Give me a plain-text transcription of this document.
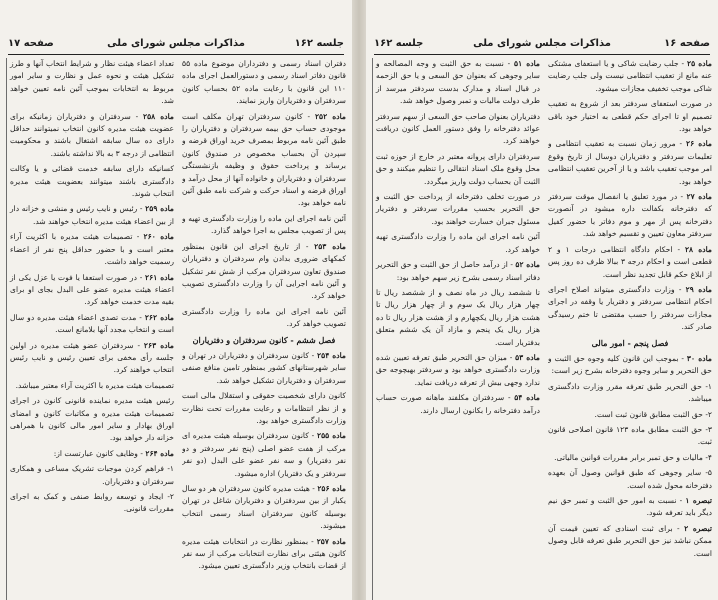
صفحه ۱۷	مذاکرات مجلس شورای ملی	جلسه ۱۶۲

دفتران اسناد رسمی و دفترداران موضوع ماده ۵۵ قانون دفاتر اسناد رسمی و دستورالعمل اجرای ماده ۱۱۰ این قانون با رعایت ماده ۵۲ بحساب کانون سردفتران و دفتریاران واریز نمایند.

ماده ۲۵۲ - کانون سردفتران تهران مکلف است موجودی حساب حق بیمه سردفتران و دفتریاران را طبق آئین نامه مربوط بمصرف خرید اوراق قرضه و سپردن آن بحساب مخصوص در صندوق کانون برساند و پرداخت حقوق و وظیفه بازنشستگی سردفتران و دفتریاران و خانواده آنها از محل درآمد و اوراق قرضه و اسناد حرکت و شرکت نامه طبق آئین نامه خواهد بود.

آئین نامه اجرای این ماده را وزارت دادگستری تهیه و پس از تصویب مجلس به اجرا خواهد گذارد.

ماده ۲۵۳ - از تاریخ اجرای این قانون بمنظور کمکهای ضروری بدادن وام سردفتران و دفتریاران صندوق تعاون سردفتران مرکب از شش نفر تشکیل و آئین نامه اجرایی آن را وزارت دادگستری تصویب خواهد کرد.

آئین نامه اجرای این ماده را وزارت دادگستری تصویب خواهد کرد.

فصل ششم - کانون سردفتران و دفتریاران

ماده ۲۵۴ - کانون سردفتران و دفتریاران در تهران و سایر شهرستانهای کشور بمنظور تامین منافع صنفی سردفتران و دفتریاران تشکیل خواهد شد.

کانون دارای شخصیت حقوقی و استقلال مالی است و از نظر انتظامات و رعایت مقررات تحت نظارت وزارت دادگستری خواهد بود.

ماده ۲۵۵ - کانون سردفتران بوسیله هیئت مدیره ای مرکب از هفت عضو اصلی (پنج نفر سردفتر و دو نفر دفتریار) و سه نفر عضو علی البدل (دو نفر سردفتر و یک دفتریار) اداره میشود.

ماده ۲۵۶ - هیئت مدیره کانون سردفتران هر دو سال یکبار از بین سردفتران و دفتریاران شاغل در تهران بوسیله کانون سردفتران اسناد رسمی انتخاب میشوند.

ماده ۲۵۷ - بمنظور نظارت در انتخابات هیئت مدیره کانون هیئتی برای نظارت انتخابات مرکب از سه نفر از قضات بانتخاب وزیر دادگستری تعیین میشود.

تعداد اعضاء هیئت نظار و شرایط انتخاب آنها و طرز تشکیل هیئت و نحوه عمل و نظارت و سایر امور مربوط به انتخابات بموجب آئین نامه تعیین خواهد شد.

ماده ۲۵۸ - سردفتران و دفتریاران زمانیکه برای عضویت هیئت مدیره کانون انتخاب نمیتوانند حداقل دارای ده سال سابقه اشتغال باشند و محکومیت انتظامی از درجه ۳ به بالا نداشته باشند.

کسانیکه دارای سابقه خدمت قضائی و یا وکالت دادگستری باشند میتوانند بعضویت هیئت مدیره انتخاب شوند.

ماده ۲۵۹ - رئیس و نایب رئیس و منشی و خزانه دار از بین اعضاء هیئت مدیره انتخاب خواهند شد.

ماده ۲۶۰ - تصمیمات هیئت مدیره با اکثریت آراء معتبر است و با حضور حداقل پنج نفر از اعضاء رسمیت خواهد داشت.

ماده ۲۶۱ - در صورت استعفا یا فوت یا عزل یکی از اعضاء هیئت مدیره عضو علی البدل بجای او برای بقیه مدت خدمت خواهد کرد.

ماده ۲۶۲ - مدت تصدی اعضاء هیئت مدیره دو سال است و انتخاب مجدد آنها بلامانع است.

ماده ۲۶۳ - سردفتران عضو هیئت مدیره در اولین جلسه رأی مخفی برای تعیین رئیس و نایب رئیس انتخاب خواهند کرد.

تصمیمات هیئت مدیره با اکثریت آراء معتبر میباشد.

رئیس هیئت مدیره نماینده قانونی کانون در اجرای تصمیمات هیئت مدیره و مکاتبات کانون و امضای اوراق بهادار و سایر امور مالی کانون با همراهی خزانه دار خواهد بود.

ماده ۲۶۴ - وظایف کانون عبارتست از:

۱- فراهم کردن موجبات تشریک مساعی و همکاری سردفتران و دفتریاران.

۲- ایجاد و توسعه روابط صنفی و کمک به اجرای مقررات قانونی.

جلسه ۱۶۲	مذاکرات مجلس شورای ملی	صفحه ۱۶

ماده ۲۵ - جلب رضایت شاکی و یا استعفای مشتکی عنه مانع از تعقیب انتظامی نیست ولی جلب رضایت شاکی موجب تخفیف مجازات میشود.

در صورت استعفای سردفتر بعد از شروع به تعقیب تصمیم او تا اجرای حکم قطعی به اختیار خود باقی خواهد بود.

ماده ۲۶ - مرور زمان نسبت به تعقیب انتظامی و تعلیمات سردفتر و دفتریاران دوسال از تاریخ وقوع امر موجب تعقیب باشد و یا از آخرین تعقیب انتظامی خواهد بود.

ماده ۲۷ - در مورد تعلیق یا انفصال موقت سردفتر که دفترخانه بکفالت داره میشود در آنصورت دفترخانه پس از مهر و موم دفاتر با حضور کفیل سردفتر معاون تعیین و تقسیم خواهد شد.

ماده ۲۸ - احکام دادگاه انتظامی درجات ۱ و ۲ قطعی است و احکام درجه ۳ ببالا ظرف ده روز پس از ابلاغ حکم قابل تجدید نظر است.

ماده ۲۹ - وزارت دادگستری میتواند اصلاح اجرای احکام انتظامی سردفتر و دفتریار یا وقفه در اجرای مجازات سردفتر را حسب مقتضی تا ختم رسیدگی صادر کند.

فصل پنجم - امور مالی

ماده ۳۰ - بموجب این قانون کلیه وجوه حق الثبت و حق التحریر و سایر وجوه دفترخانه بشرح زیر است:

۱- حق التحریر طبق تعرفه مقرر وزارت دادگستری میباشد.

۲- حق الثبت مطابق قانون ثبت است.

۳- حق الثبت مطابق ماده ۱۲۳ قانون اصلاحی قانون ثبت.

۴- مالیات و حق تمبر برابر مقررات قوانین مالیاتی.

۵- سایر وجوهی که طبق قوانین وصول آن بعهده دفترخانه محول شده است.

تبصره ۱ - نسبت به امور حق الثبت و تمبر حق نیم دیگر باید تعرفه شود.

تبصره ۲ - برای ثبت اسنادی که تعیین قیمت آن ممکن نباشد نیز حق التحریر طبق تعرفه قابل وصول است.

ماده ۵۱ - نسبت به حق الثبت و وجه المصالحه و سایر وجوهی که بعنوان حق السعی و یا حق الزحمه در قبال اسناد و مدارک بدست سردفتر میرسد از طرف دولت مالیات و تمبر وصول خواهد شد.

دفتریاران بعنوان صاحب حق السعی از سهم سردفتر عوائد دفترخانه را وفق دستور العمل کانون دریافت خواهند کرد.

سردفتران دارای پروانه معتبر در خارج از حوزه ثبت محل وقوع ملک اسناد انتقالی را تنظیم میکنند و حق الثبت آن بحساب دولت واریز میگردد.

در صورت تخلف دفترخانه از پرداخت حق الثبت و حق التحریر بحسب مقررات سردفتر و دفتریار مسئول جبران خسارت خواهند بود.

آئین نامه اجرای این ماده را وزارت دادگستری تهیه خواهد کرد.

ماده ۵۲ - از درآمد حاصل از حق الثبت و حق التحریر دفاتر اسناد رسمی بشرح زیر سهم خواهد بود:

تا ششصد ریال در ماه نصف و از ششصد ریال تا چهار هزار ریال یک سوم و از چهار هزار ریال تا هشت هزار ریال یکچهارم و از هشت هزار ریال تا ده هزار ریال یک پنجم و مازاد آن یک ششم متعلق بدفتریار است.

ماده ۵۳ - میزان حق التحریر طبق تعرفه تعیین شده وزارت دادگستری خواهد بود و سردفتر بهیچوجه حق ندارد وجهی بیش از تعرفه دریافت نماید.

ماده ۵۴ - سردفتران مکلفند ماهانه صورت حساب درآمد دفترخانه را بکانون ارسال دارند.
